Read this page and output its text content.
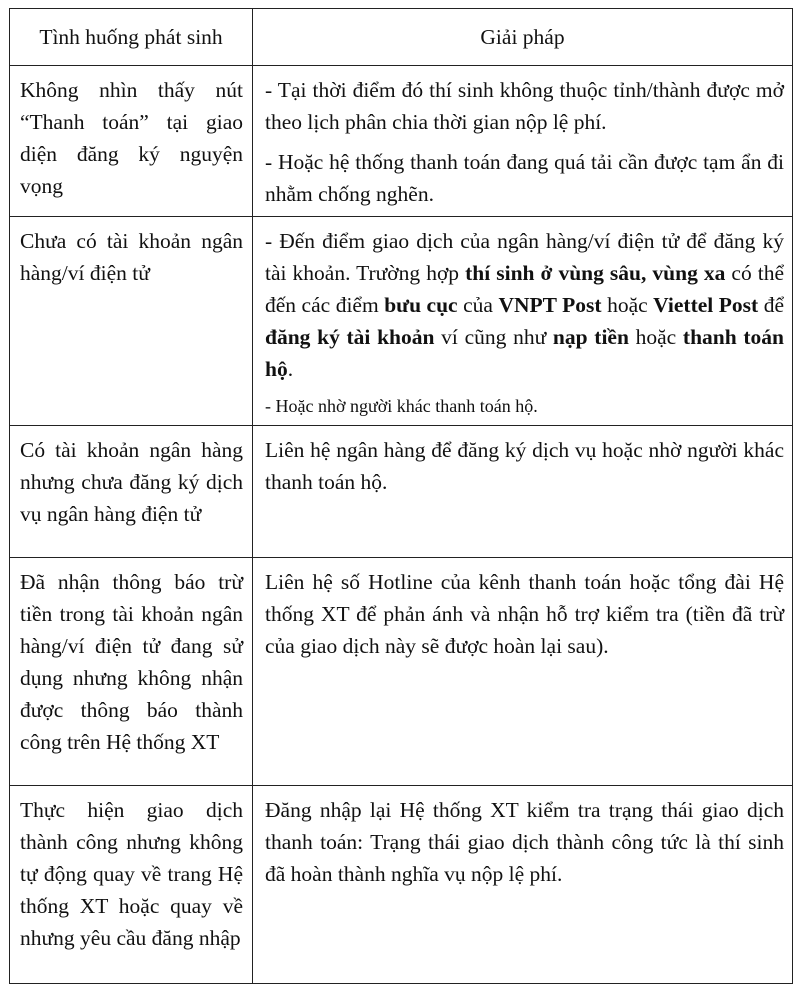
Tình huống phát sinh	Giải pháp
Không nhìn thấy nút “Thanh toán” tại giao diện đăng ký nguyện vọng	- Tại thời điểm đó thí sinh không thuộc tỉnh/thành được mở theo lịch phân chia thời gian nộp lệ phí.

- Hoặc hệ thống thanh toán đang quá tải cần được tạm ẩn đi nhằm chống nghẽn.

Chưa có tài khoản ngân hàng/ví điện tử	- Đến điểm giao dịch của ngân hàng/ví điện tử để đăng ký tài khoản. Trường hợp thí sinh ở vùng sâu, vùng xa có thể đến các điểm bưu cục của VNPT Post hoặc Viettel Post để đăng ký tài khoản ví cũng như nạp tiền hoặc thanh toán hộ.

- Hoặc nhờ người khác thanh toán hộ.

Có tài khoản ngân hàng nhưng chưa đăng ký dịch vụ ngân hàng điện tử	Liên hệ ngân hàng để đăng ký dịch vụ hoặc nhờ người khác thanh toán hộ.
Đã nhận thông báo trừ tiền trong tài khoản ngân hàng/ví điện tử đang sử dụng nhưng không nhận được thông báo thành công trên Hệ thống XT	Liên hệ số Hotline của kênh thanh toán hoặc tổng đài Hệ thống XT để phản ánh và nhận hỗ trợ kiểm tra (tiền đã trừ của giao dịch này sẽ được hoàn lại sau).
Thực hiện giao dịch thành công nhưng không tự động quay về trang Hệ thống XT hoặc quay về nhưng yêu cầu đăng nhập	Đăng nhập lại Hệ thống XT kiểm tra trạng thái giao dịch thanh toán: Trạng thái giao dịch thành công tức là thí sinh đã hoàn thành nghĩa vụ nộp lệ phí.
